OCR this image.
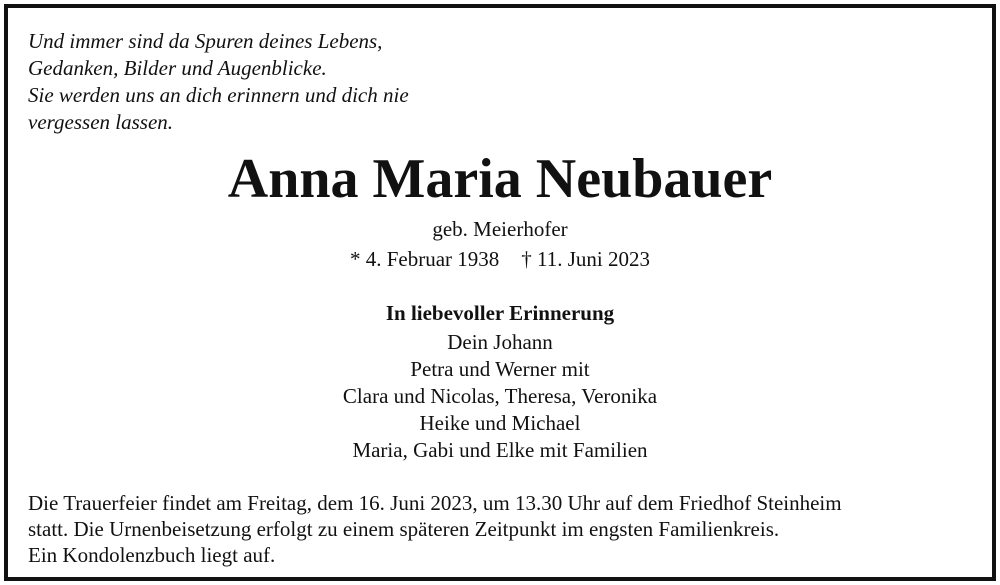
Und immer sind da Spuren deines Lebens,
Gedanken, Bilder und Augenblicke.
Sie werden uns an dich erinnern und dich nie
vergessen lassen.
Anna Maria Neubauer
geb. Meierhofer
* 4. Februar 1938 † 11. Juni 2023
In liebevoller Erinnerung
Dein Johann
Petra und Werner mit
Clara und Nicolas, Theresa, Veronika
Heike und Michael
Maria, Gabi und Elke mit Familien
Die Trauerfeier findet am Freitag, dem 16. Juni 2023, um 13.30 Uhr auf dem Friedhof Steinheim
statt. Die Urnenbeisetzung erfolgt zu einem späteren Zeitpunkt im engsten Familienkreis.
Ein Kondolenzbuch liegt auf.
